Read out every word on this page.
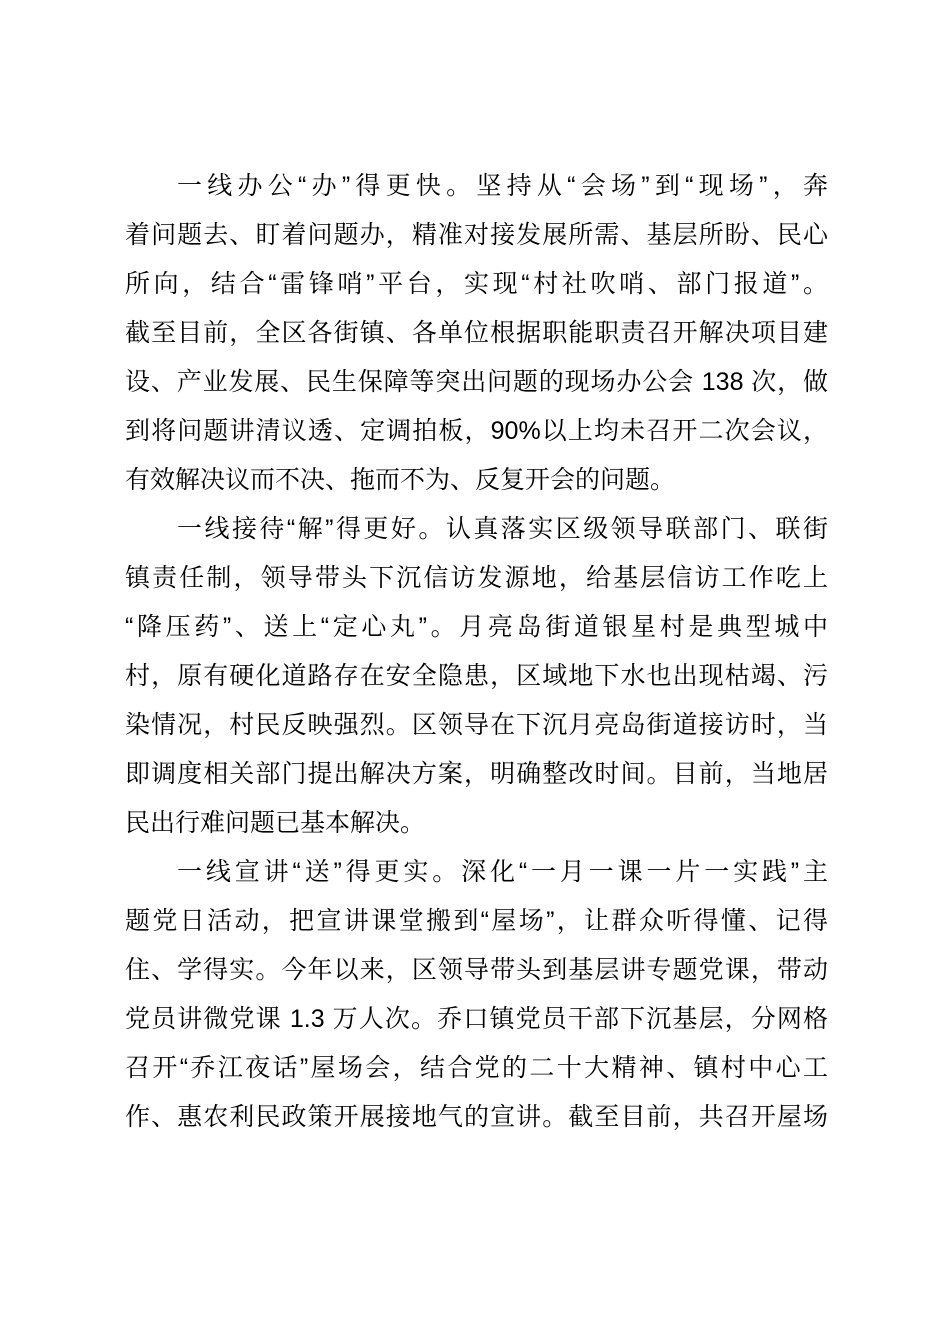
一线办公“办”得更快。坚持从“会场”到“现场”，奔
着问题去、盯着问题办，精准对接发展所需、基层所盼、民心
所向，结合“雷锋哨”平台，实现“村社吹哨、部门报道”。
截至目前，全区各街镇、各单位根据职能职责召开解决项目建
设、产业发展、民生保障等突出问题的现场办公会 138 次，做
到将问题讲清议透、定调拍板，90%以上均未召开二次会议，
有效解决议而不决、拖而不为、反复开会的问题。
一线接待“解”得更好。认真落实区级领导联部门、联街
镇责任制，领导带头下沉信访发源地，给基层信访工作吃上
“降压药”、送上“定心丸”。月亮岛街道银星村是典型城中
村，原有硬化道路存在安全隐患，区域地下水也出现枯竭、污
染情况，村民反映强烈。区领导在下沉月亮岛街道接访时，当
即调度相关部门提出解决方案，明确整改时间。目前，当地居
民出行难问题已基本解决。
一线宣讲“送”得更实。深化“一月一课一片一实践”主
题党日活动，把宣讲课堂搬到“屋场”，让群众听得懂、记得
住、学得实。今年以来，区领导带头到基层讲专题党课，带动
党员讲微党课 1.3 万人次。乔口镇党员干部下沉基层，分网格
召开“乔江夜话”屋场会，结合党的二十大精神、镇村中心工
作、惠农利民政策开展接地气的宣讲。截至目前，共召开屋场
